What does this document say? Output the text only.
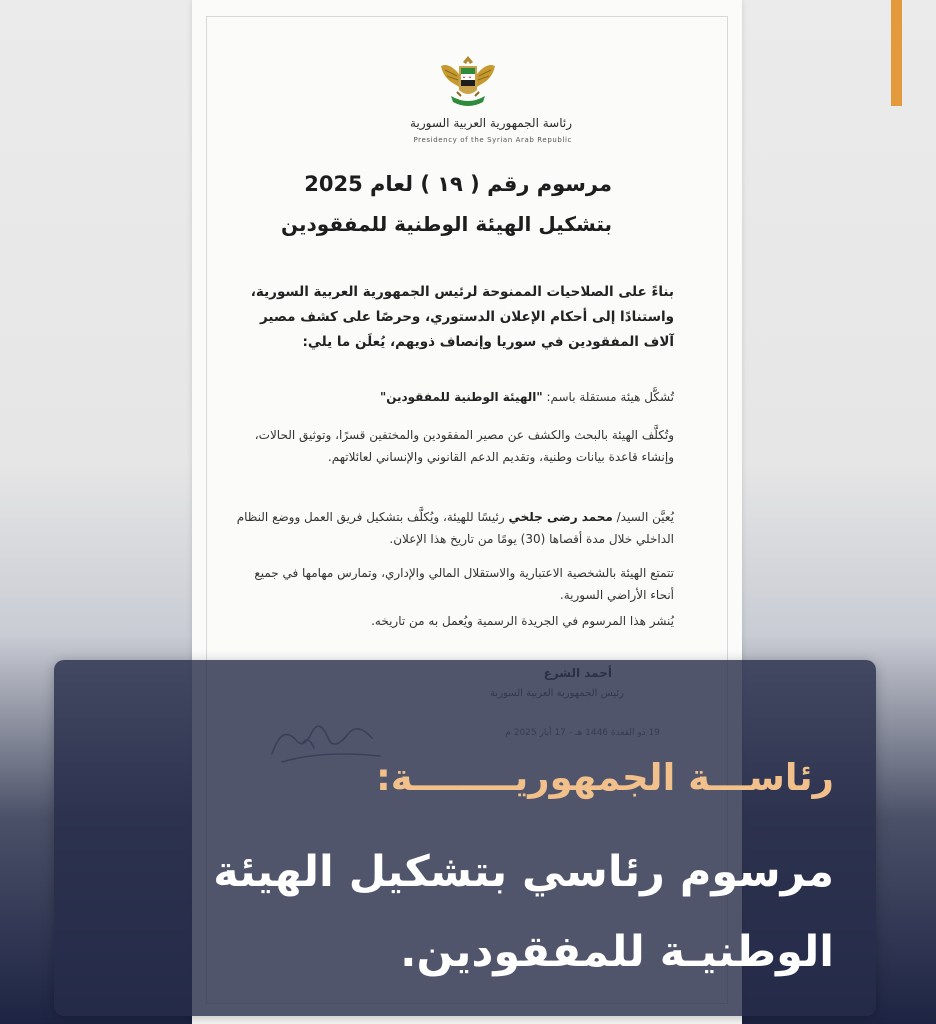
رئاسة الجمهورية العربية السورية
Presidency of the Syrian Arab Republic
مرسوم رقم ( ١٩ ) لعام 2025
بتشكيل الهيئة الوطنية للمفقودين
بناءً على الصلاحيات الممنوحة لرئيس الجمهورية العربية السورية، واستنادًا إلى أحكام الإعلان الدستوري، وحرصًا على كشف مصير آلاف المفقودين في سوريا وإنصاف ذويهم، يُعلَن ما يلي:
تُشكَّل هيئة مستقلة باسم: "الهيئة الوطنية للمفقودين"
وتُكلَّف الهيئة بالبحث والكشف عن مصير المفقودين والمختفين قسرًا، وتوثيق الحالات، وإنشاء قاعدة بيانات وطنية، وتقديم الدعم القانوني والإنساني لعائلاتهم.
يُعيَّن السيد/ محمد رضى جلخي رئيسًا للهيئة، ويُكلَّف بتشكيل فريق العمل ووضع النظام الداخلي خلال مدة أقصاها (30) يومًا من تاريخ هذا الإعلان.
تتمتع الهيئة بالشخصية الاعتبارية والاستقلال المالي والإداري، وتمارس مهامها في جميع أنحاء الأراضي السورية.
يُنشر هذا المرسوم في الجريدة الرسمية ويُعمل به من تاريخه.
رئاســـة الجمهوريــــــــة:
مرسوم رئاسي بتشكيل الهيئة الوطنيـة للمفقودين.
